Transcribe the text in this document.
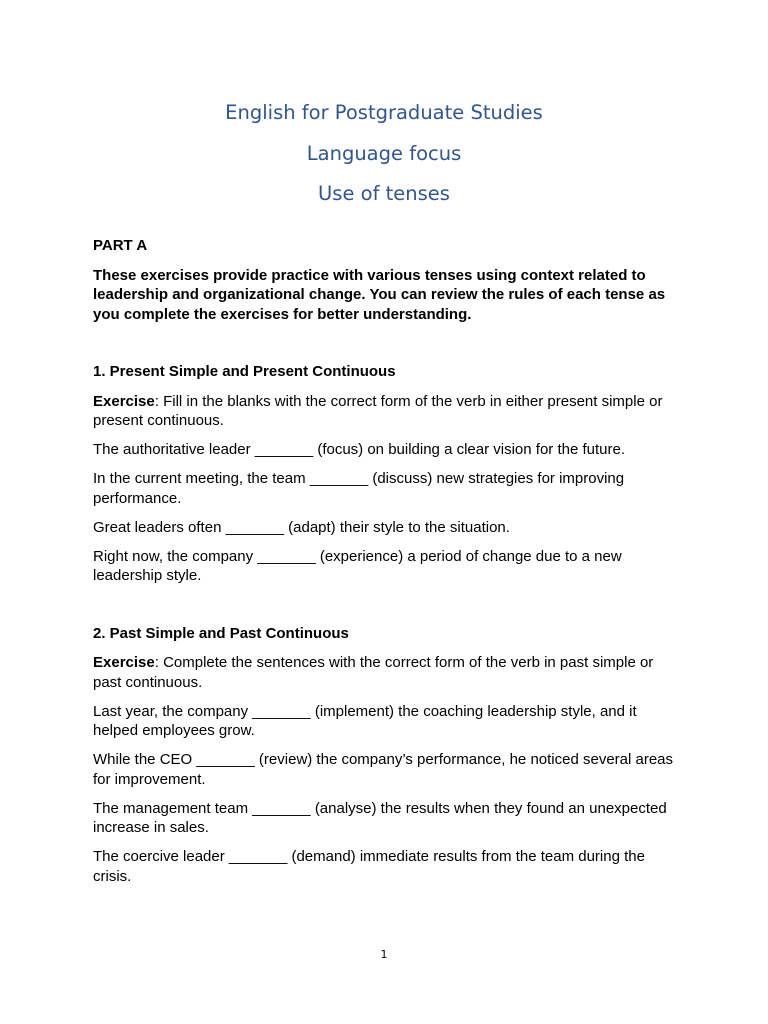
English for Postgraduate Studies
Language focus
Use of tenses

PART A

These exercises provide practice with various tenses using context related to leadership and organizational change. You can review the rules of each tense as you complete the exercises for better understanding.

1. Present Simple and Present Continuous

Exercise: Fill in the blanks with the correct form of the verb in either present simple or present continuous.

The authoritative leader _______ (focus) on building a clear vision for the future.

In the current meeting, the team _______ (discuss) new strategies for improving performance.

Great leaders often _______ (adapt) their style to the situation.

Right now, the company _______ (experience) a period of change due to a new leadership style.

2. Past Simple and Past Continuous

Exercise: Complete the sentences with the correct form of the verb in past simple or past continuous.

Last year, the company _______ (implement) the coaching leadership style, and it helped employees grow.

While the CEO _______ (review) the company’s performance, he noticed several areas for improvement.

The management team _______ (analyse) the results when they found an unexpected increase in sales.

The coercive leader _______ (demand) immediate results from the team during the crisis.

1
